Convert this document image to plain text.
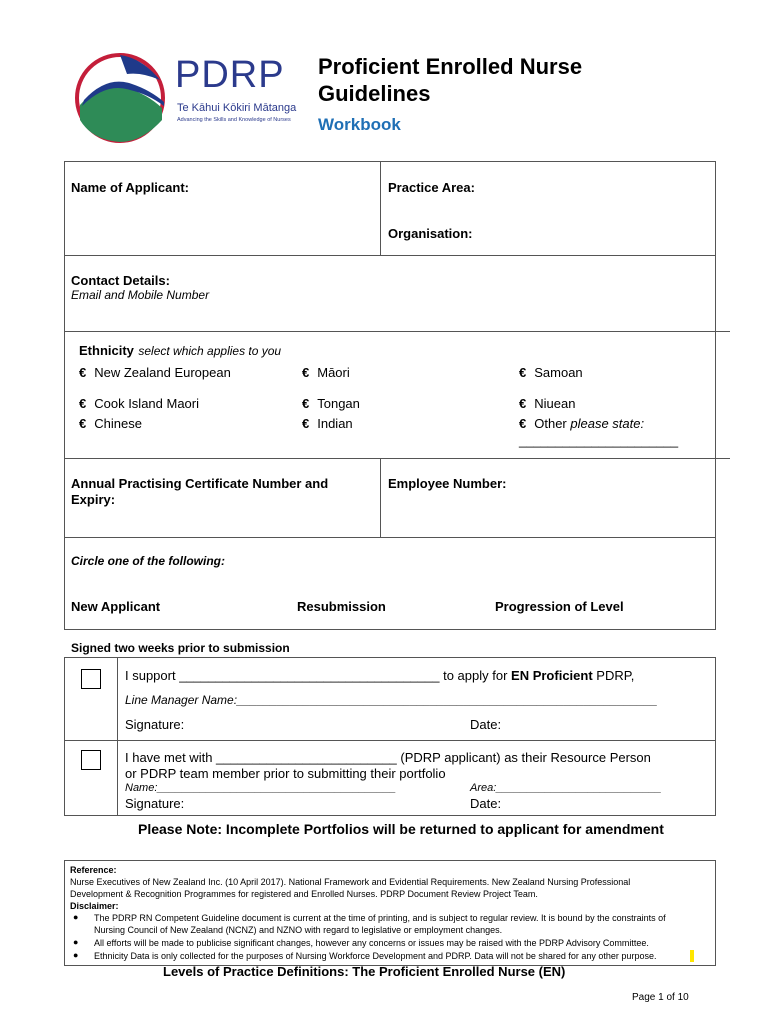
PDRP
Te Kāhui Kōkiri Mātanga
Advancing the Skills and Knowledge of Nurses
Proficient Enrolled Nurse
Guidelines
Workbook
Name of Applicant:	Practice Area:
Organisation:
Contact Details:
Email and Mobile Number
Ethnicity select which applies to you
€ New Zealand European	€ Māori	€ Samoan
€ Cook Island Maori	€ Tongan	€ Niuean
€ Chinese	€ Indian	€ Other please state:
______________________
Annual Practising Certificate Number and
Expiry:
Employee Number:
Circle one of the following:
New Applicant	Resubmission	Progression of Level
Signed two weeks prior to submission
I support ____________________________________ to apply for EN Proficient PDRP,
Line Manager Name:_______________________________________________________________
Signature:	Date:
I have met with _________________________ (PDRP applicant) as their Resource Person
or PDRP team member prior to submitting their portfolio
Name:_______________________________________	Area:___________________________
Signature:	Date:
Please Note: Incomplete Portfolios will be returned to applicant for amendment
Reference:
Nurse Executives of New Zealand Inc. (10 April 2017). National Framework and Evidential Requirements. New Zealand Nursing Professional
Development & Recognition Programmes for registered and Enrolled Nurses. PDRP Document Review Project Team.
Disclaimer:
● The PDRP RN Competent Guideline document is current at the time of printing, and is subject to regular review. It is bound by the constraints of
Nursing Council of New Zealand (NCNZ) and NZNO with regard to legislative or employment changes.
● All efforts will be made to publicise significant changes, however any concerns or issues may be raised with the PDRP Advisory Committee.
● Ethnicity Data is only collected for the purposes of Nursing Workforce Development and PDRP. Data will not be shared for any other purpose.
Levels of Practice Definitions: The Proficient Enrolled Nurse (EN)
Page 1 of 10
